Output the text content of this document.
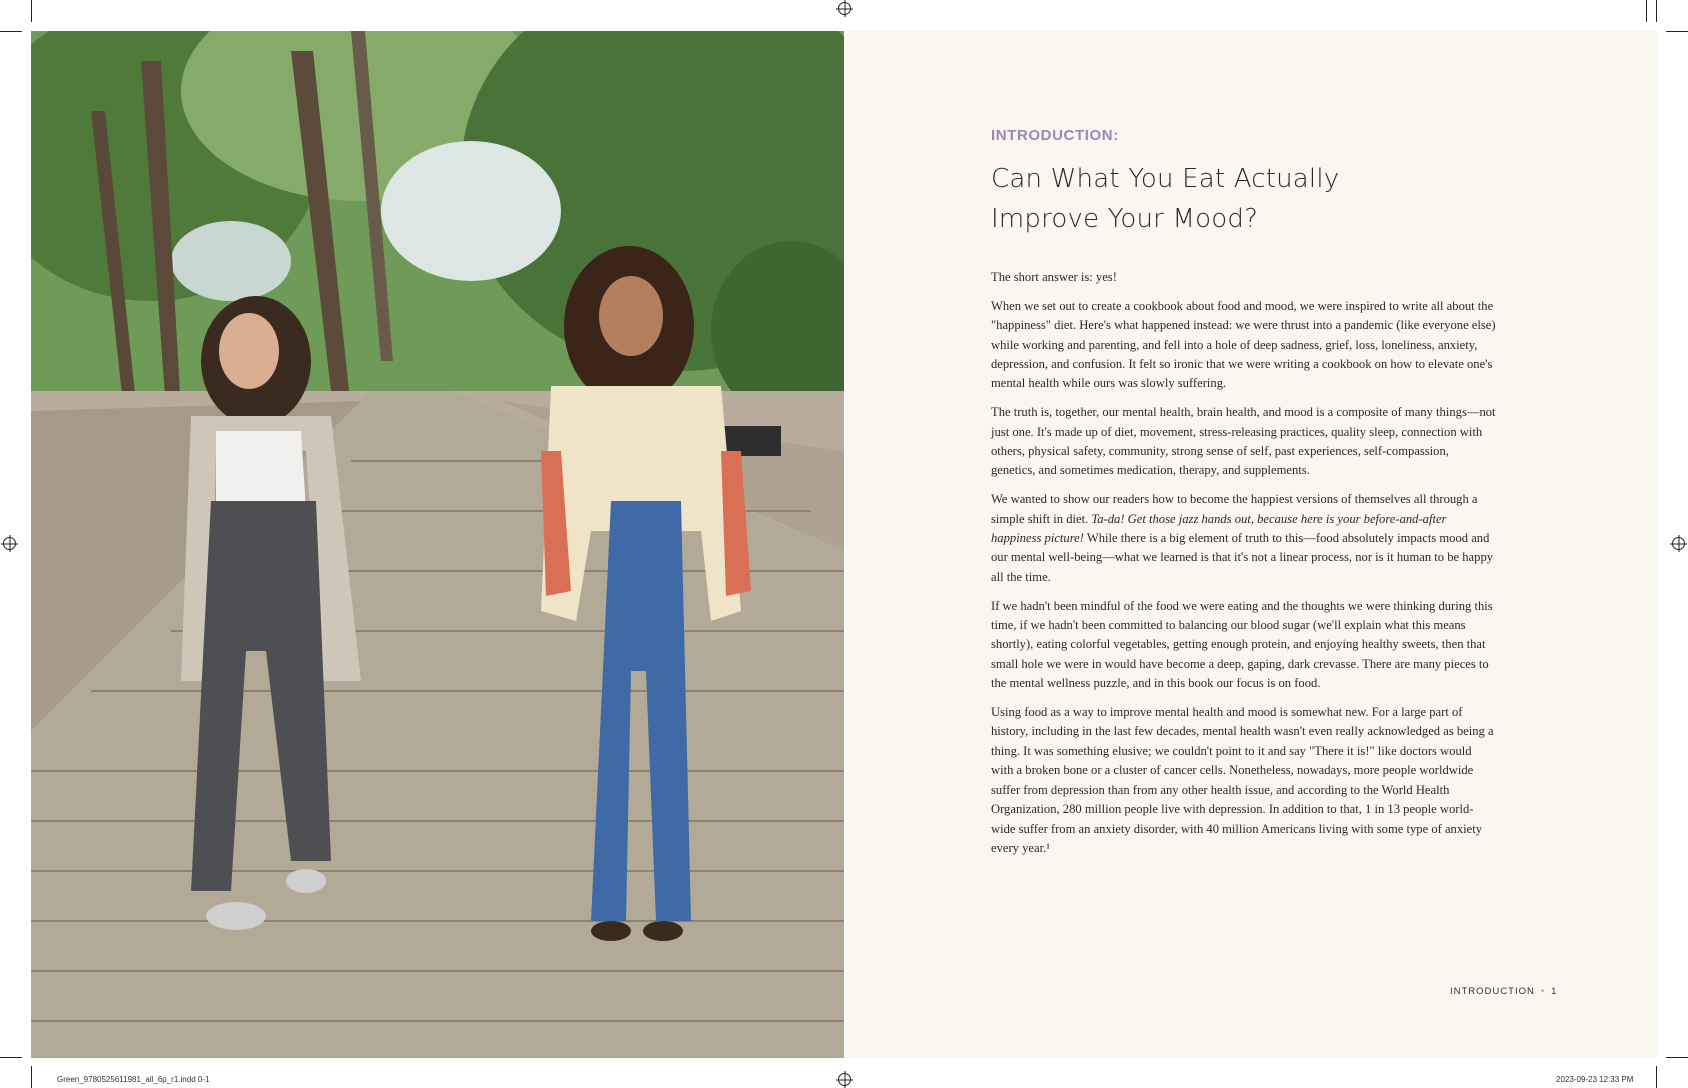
INTRODUCTION:
Can What You Eat Actually
Improve Your Mood?

The short answer is: yes!

When we set out to create a cookbook about food and mood, we were inspired to write all about the "happiness" diet. Here's what happened instead: we were thrust into a pandemic (like everyone else) while working and parenting, and fell into a hole of deep sadness, grief, loss, loneliness, anxiety, depression, and confusion. It felt so ironic that we were writing a cookbook on how to elevate one's mental health while ours was slowly suffering.

The truth is, together, our mental health, brain health, and mood is a composite of many things—not just one. It's made up of diet, movement, stress-releasing practices, quality sleep, connection with others, physical safety, community, strong sense of self, past experiences, self-compassion, genetics, and sometimes medication, therapy, and supplements.

We wanted to show our readers how to become the happiest versions of themselves all through a simple shift in diet. Ta-da! Get those jazz hands out, because here is your before-and-after happiness picture! While there is a big element of truth to this—food absolutely impacts mood and our mental well-being—what we learned is that it's not a linear process, nor is it human to be happy all the time.

If we hadn't been mindful of the food we were eating and the thoughts we were thinking during this time, if we hadn't been committed to balancing our blood sugar (we'll explain what this means shortly), eating colorful vegetables, getting enough protein, and enjoying healthy sweets, then that small hole we were in would have become a deep, gaping, dark crevasse. There are many pieces to the mental wellness puzzle, and in this book our focus is on food.

Using food as a way to improve mental health and mood is somewhat new. For a large part of history, including in the last few decades, mental health wasn't even really acknowledged as being a thing. It was something elusive; we couldn't point to it and say "There it is!" like doctors would with a broken bone or a cluster of cancer cells. Nonetheless, nowadays, more people worldwide suffer from depression than from any other health issue, and according to the World Health Organization, 280 million people live with depression. In addition to that, 1 in 13 people world-wide suffer from an anxiety disorder, with 40 million Americans living with some type of anxiety every year.¹

INTRODUCTION • 1
Green_9780525611981_all_6p_r1.indd 0-1	2023-09-23 12:33 PM
